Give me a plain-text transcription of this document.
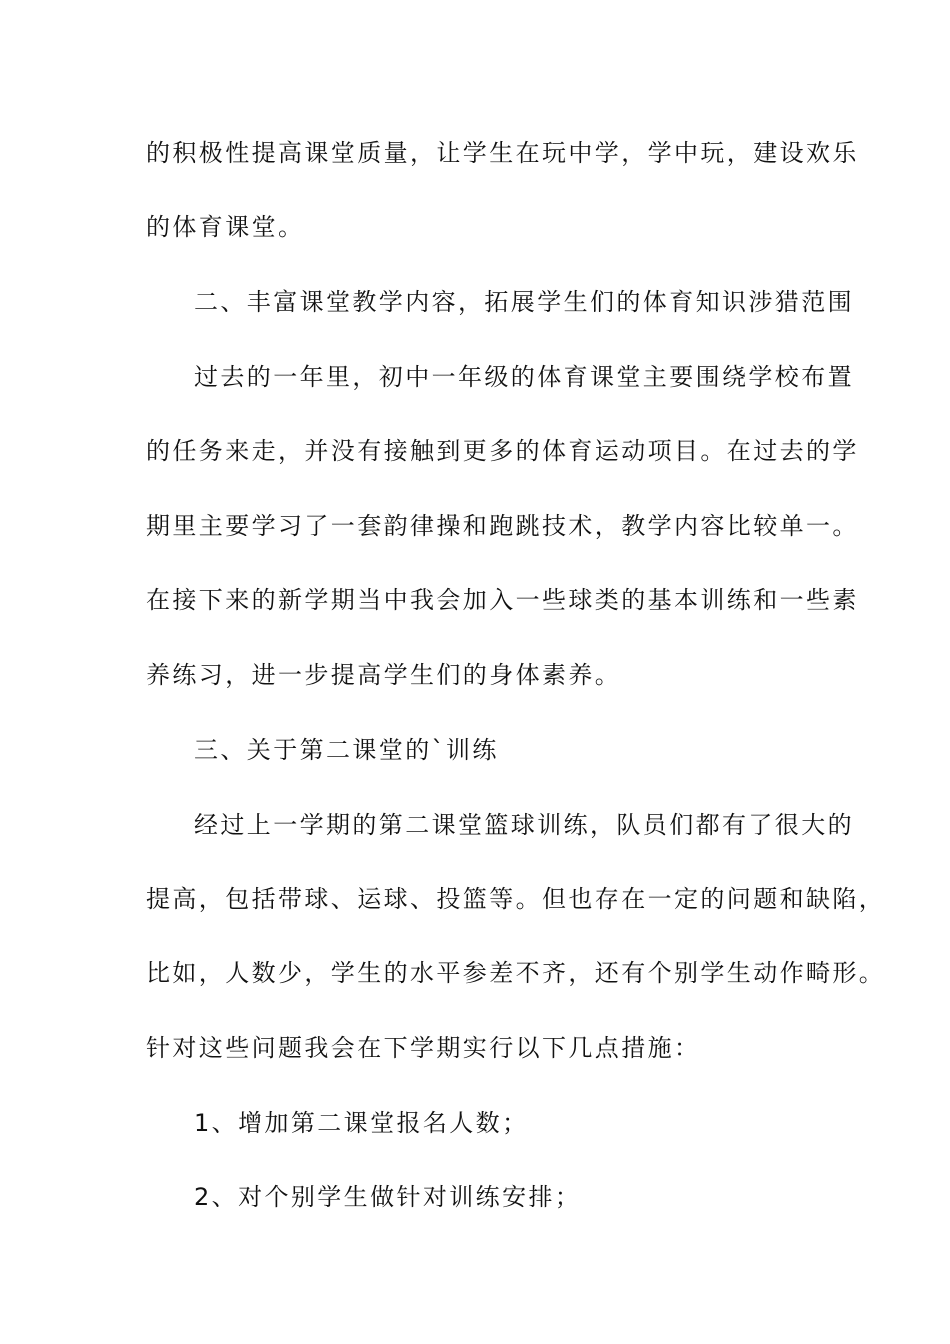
的积极性提高课堂质量，让学生在玩中学，学中玩，建设欢乐
的体育课堂。
二、丰富课堂教学内容，拓展学生们的体育知识涉猎范围
过去的一年里，初中一年级的体育课堂主要围绕学校布置
的任务来走，并没有接触到更多的体育运动项目。在过去的学
期里主要学习了一套韵律操和跑跳技术，教学内容比较单一。
在接下来的新学期当中我会加入一些球类的基本训练和一些素
养练习，进一步提高学生们的身体素养。
三、关于第二课堂的`训练
经过上一学期的第二课堂篮球训练，队员们都有了很大的
提高，包括带球、运球、投篮等。但也存在一定的问题和缺陷，
比如，人数少，学生的水平参差不齐，还有个别学生动作畸形。
针对这些问题我会在下学期实行以下几点措施：
1、增加第二课堂报名人数；
2、对个别学生做针对训练安排；
